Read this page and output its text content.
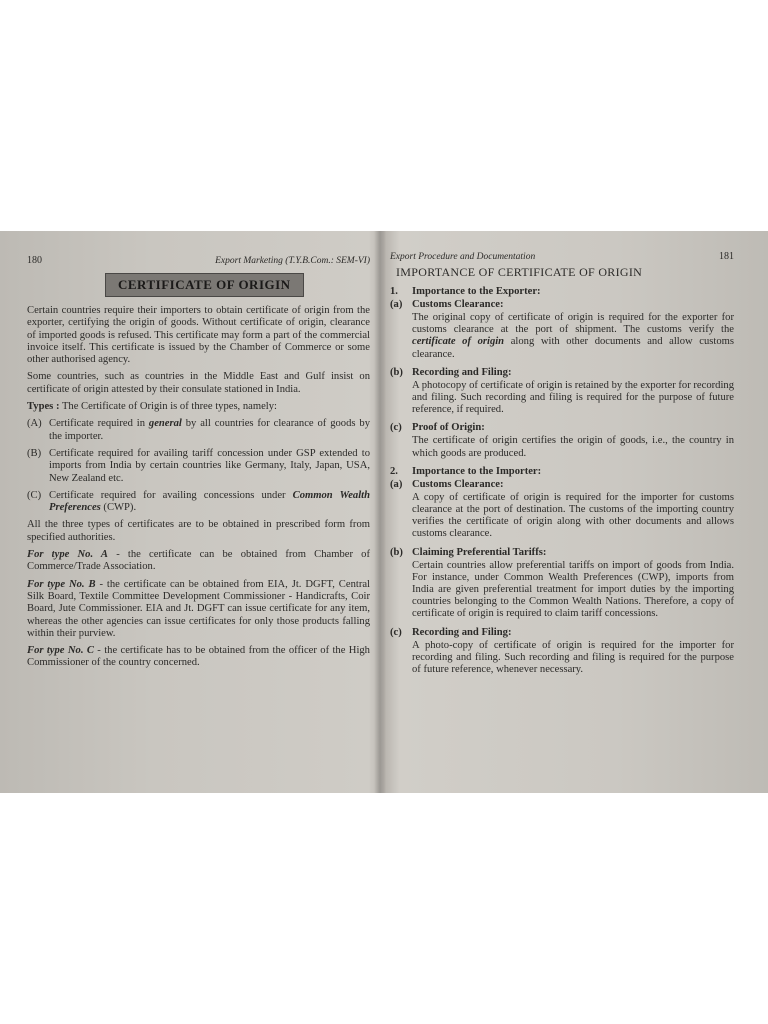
180	Export Marketing (T.Y.B.Com.: SEM-VI)
CERTIFICATE OF ORIGIN

Certain countries require their importers to obtain certificate of origin from the exporter, certifying the origin of goods. Without certificate of origin, clearance of imported goods is refused. This certificate may form a part of the commercial invoice itself. This certificate is issued by the Chamber of Commerce or some other authorised agency.

Some countries, such as countries in the Middle East and Gulf insist on certificate of origin attested by their consulate stationed in India.

Types : The Certificate of Origin is of three types, namely:

(A) Certificate required in general by all countries for clearance of goods by the importer.
(B) Certificate required for availing tariff concession under GSP extended to imports from India by certain countries like Germany, Italy, Japan, USA, New Zealand etc.
(C) Certificate required for availing concessions under Common Wealth Preferences (CWP).

All the three types of certificates are to be obtained in prescribed form from specified authorities.

For type No. A - the certificate can be obtained from Chamber of Commerce/Trade Association.

For type No. B - the certificate can be obtained from EIA, Jt. DGFT, Central Silk Board, Textile Committee Development Commissioner - Handicrafts, Coir Board, Jute Commissioner. EIA and Jt. DGFT can issue certificate for any item, whereas the other agencies can issue certificates for only those products falling within their purview.

For type No. C - the certificate has to be obtained from the officer of the High Commissioner of the country concerned.

Export Procedure and Documentation	181
IMPORTANCE OF CERTIFICATE OF ORIGIN
1.	Importance to the Exporter:
(a) Customs Clearance:
The original copy of certificate of origin is required for the exporter for customs clearance at the port of shipment. The customs verify the certificate of origin along with other documents and allow customs clearance.
(b) Recording and Filing:
A photocopy of certificate of origin is retained by the exporter for recording and filing. Such recording and filing is required for the purpose of future reference, if required.
(c) Proof of Origin:
The certificate of origin certifies the origin of goods, i.e., the country in which goods are produced.
2.	Importance to the Importer:
(a) Customs Clearance:
A copy of certificate of origin is required for the importer for customs clearance at the port of destination. The customs of the importing country verifies the certificate of origin along with other documents and allows customs clearance.
(b) Claiming Preferential Tariffs:
Certain countries allow preferential tariffs on import of goods from India. For instance, under Common Wealth Preferences (CWP), imports from India are given preferential treatment for import duties by the importing countries belonging to the Common Wealth Nations. Therefore, a copy of certificate of origin is required to claim tariff concessions.
(c) Recording and Filing:
A photo-copy of certificate of origin is required for the importer for recording and filing. Such recording and filing is required for the purpose of future reference, whenever necessary.
